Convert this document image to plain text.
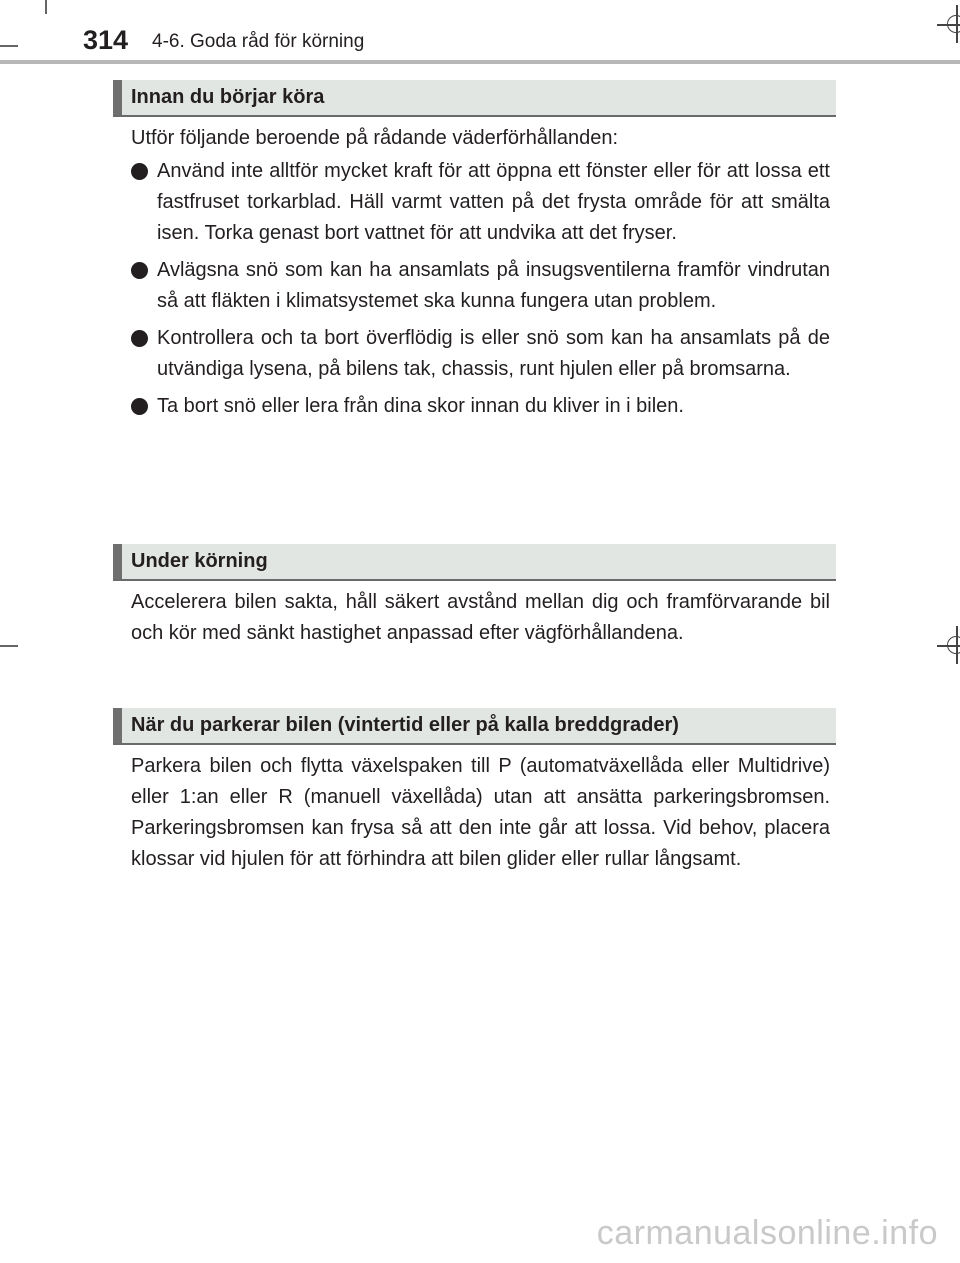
314 4-6. Goda råd för körning
Innan du börjar köra
Utför följande beroende på rådande väderförhållanden:
Använd inte alltför mycket kraft för att öppna ett fönster eller för att lossa ett fastfruset torkarblad. Häll varmt vatten på det frysta område för att smälta isen. Torka genast bort vattnet för att undvika att det fryser.
Avlägsna snö som kan ha ansamlats på insugsventilerna framför vindrutan så att fläkten i klimatsystemet ska kunna fungera utan problem.
Kontrollera och ta bort överflödig is eller snö som kan ha ansamlats på de utvändiga lysena, på bilens tak, chassis, runt hjulen eller på bromsarna.
Ta bort snö eller lera från dina skor innan du kliver in i bilen.
Under körning
Accelerera bilen sakta, håll säkert avstånd mellan dig och framförvarande bil och kör med sänkt hastighet anpassad efter vägförhållandena.
När du parkerar bilen (vintertid eller på kalla breddgrader)
Parkera bilen och flytta växelspaken till P (automatväxellåda eller Multidrive) eller 1:an eller R (manuell växellåda) utan att ansätta parkeringsbromsen. Parkeringsbromsen kan frysa så att den inte går att lossa. Vid behov, placera klossar vid hjulen för att förhindra att bilen glider eller rullar långsamt.
carmanualsonline.info
